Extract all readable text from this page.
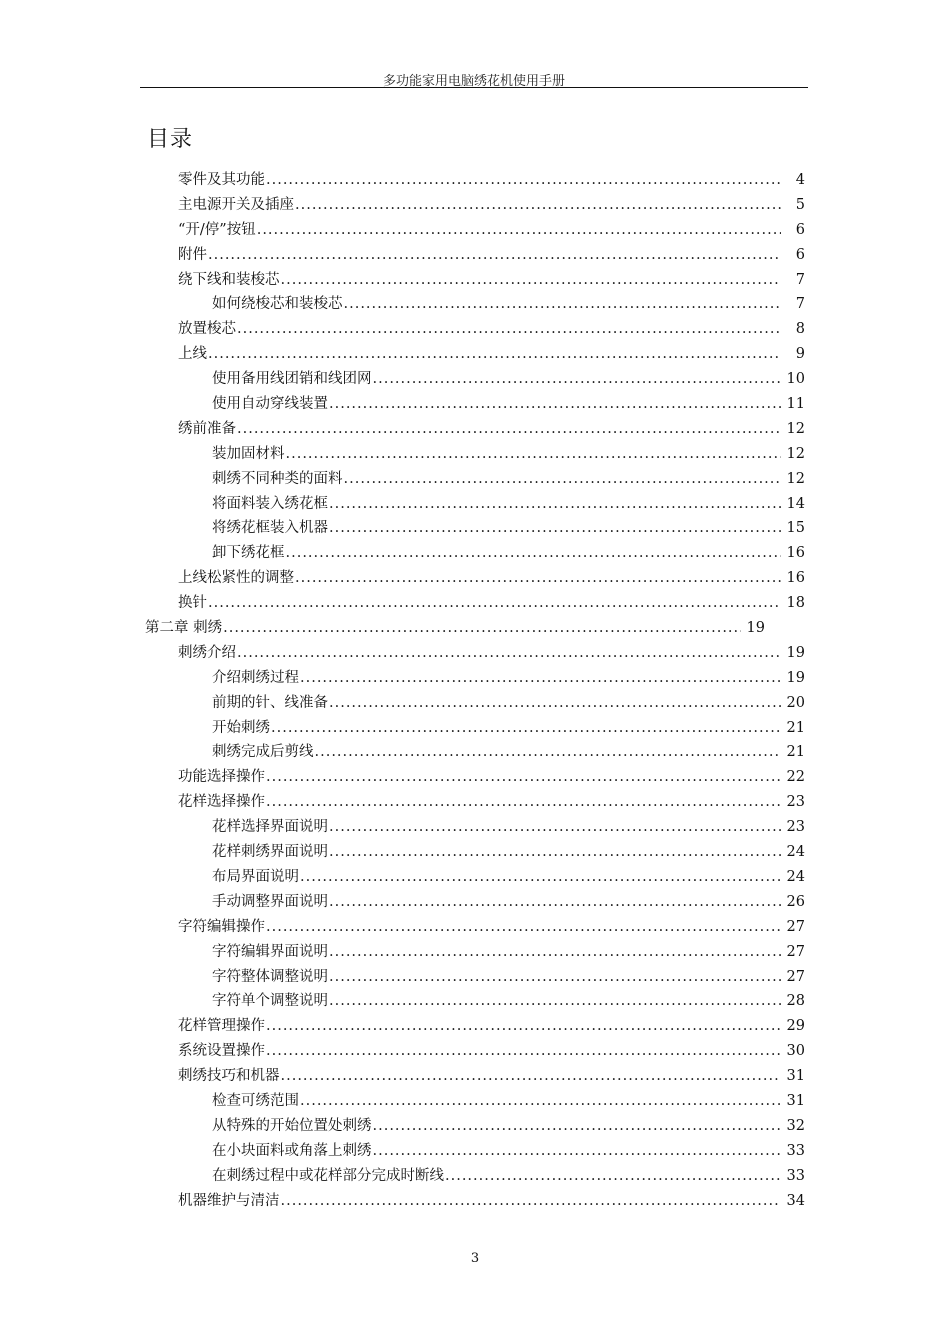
多功能家用电脑绣花机使用手册
目录
零件及其功能 .....	4
主电源开关及插座 .....	5
“开/停”按钮 .....	6
附件 .....	6
绕下线和装梭芯 .....	7
如何绕梭芯和装梭芯 .....	7
放置梭芯 .....	8
上线 .....	9
使用备用线团销和线团网 .....	10
使用自动穿线装置 .....	11
绣前准备 .....	12
装加固材料 .....	12
刺绣不同种类的面料 .....	12
将面料装入绣花框 .....	14
将绣花框装入机器 .....	15
卸下绣花框 .....	16
上线松紧性的调整 .....	16
换针 .....	18
第二章 刺绣 .....	19
刺绣介绍 .....	19
介绍刺绣过程 .....	19
前期的针、线准备 .....	20
开始刺绣 .....	21
刺绣完成后剪线 .....	21
功能选择操作 .....	22
花样选择操作 .....	23
花样选择界面说明 .....	23
花样刺绣界面说明 .....	24
布局界面说明 .....	24
手动调整界面说明 .....	26
字符编辑操作 .....	27
字符编辑界面说明 .....	27
字符整体调整说明 .....	27
字符单个调整说明 .....	28
花样管理操作 .....	29
系统设置操作 .....	30
刺绣技巧和机器 .....	31
检查可绣范围 .....	31
从特殊的开始位置处刺绣 .....	32
在小块面料或角落上刺绣 .....	33
在刺绣过程中或花样部分完成时断线 .....	33
机器维护与清洁 .....	34
3
